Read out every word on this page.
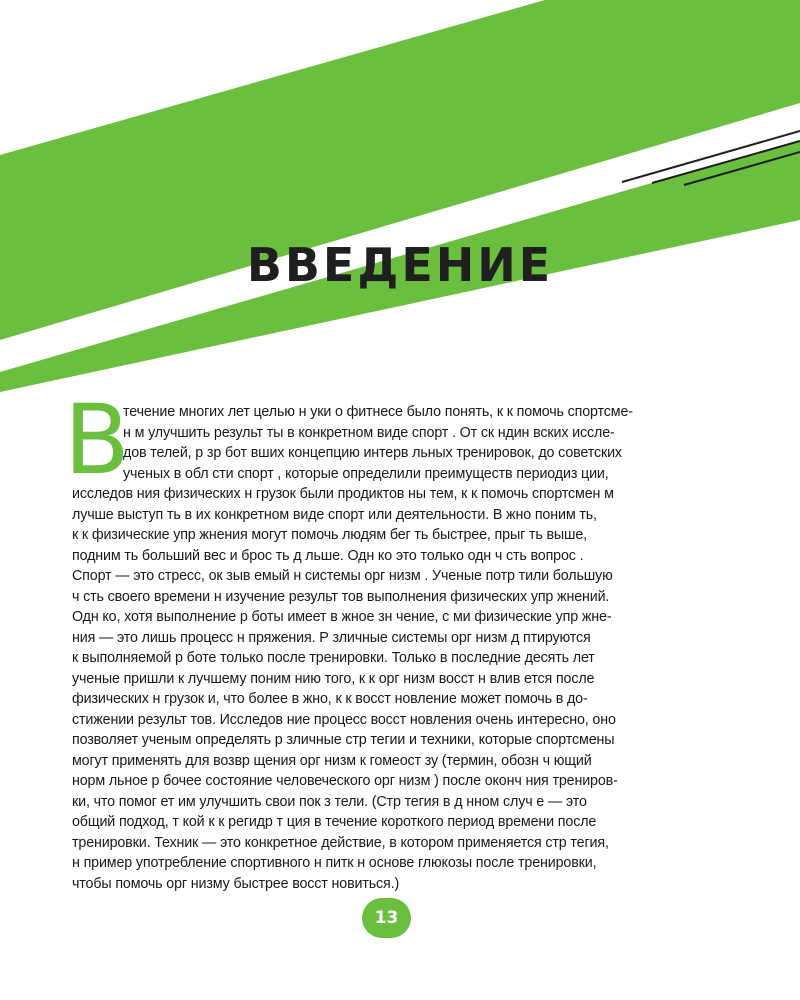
ВВЕДЕНИЕ
В
течение многих лет целью н уки о фитнесе было понять, к к помочь спортсме-
н м улучшить результ ты в конкретном виде спорт . От ск ндин вских иссле-
дов телей, р зр бот вших концепцию интерв льных тренировок, до советских
ученых в обл сти спорт , которые определили преимуществ периодиз ции,
исследов ния физических н грузок были продиктов ны тем, к к помочь спортсмен м
лучше выступ ть в их конкретном виде спорт или деятельности. В жно поним ть,
к к физические упр жнения могут помочь людям бег ть быстрее, прыг ть выше,
подним ть больший вес и брос ть д льше. Одн ко это только одн ч сть вопрос .
Спорт — это стресс, ок зыв емый н системы орг низм . Ученые потр тили большую
ч сть своего времени н изучение результ тов выполнения физических упр жнений.
Одн ко, хотя выполнение р боты имеет в жное зн чение, с ми физические упр жне-
ния — это лишь процесс н пряжения. Р зличные системы орг низм д птируются
к выполняемой р боте только после тренировки. Только в последние десять лет
ученые пришли к лучшему поним нию того, к к орг низм восст н влив ется после
физических н грузок и, что более в жно, к к восст новление может помочь в до-
стижении результ тов. Исследов ние процесс восст новления очень интересно, оно
позволяет ученым определять р зличные стр тегии и техники, которые спортсмены
могут применять для возвр щения орг низм к гомеост зу (термин, обозн ч ющий
норм льное р бочее состояние человеческого орг низм ) после оконч ния трениров-
ки, что помог ет им улучшить свои пок з тели. (Стр тегия в д нном случ е — это
общий подход, т кой к к регидр т ция в течение короткого период времени после
тренировки. Техник — это конкретное действие, в котором применяется стр тегия,
н пример употребление спортивного н питк н основе глюкозы после тренировки,
чтобы помочь орг низму быстрее восст новиться.)
13
